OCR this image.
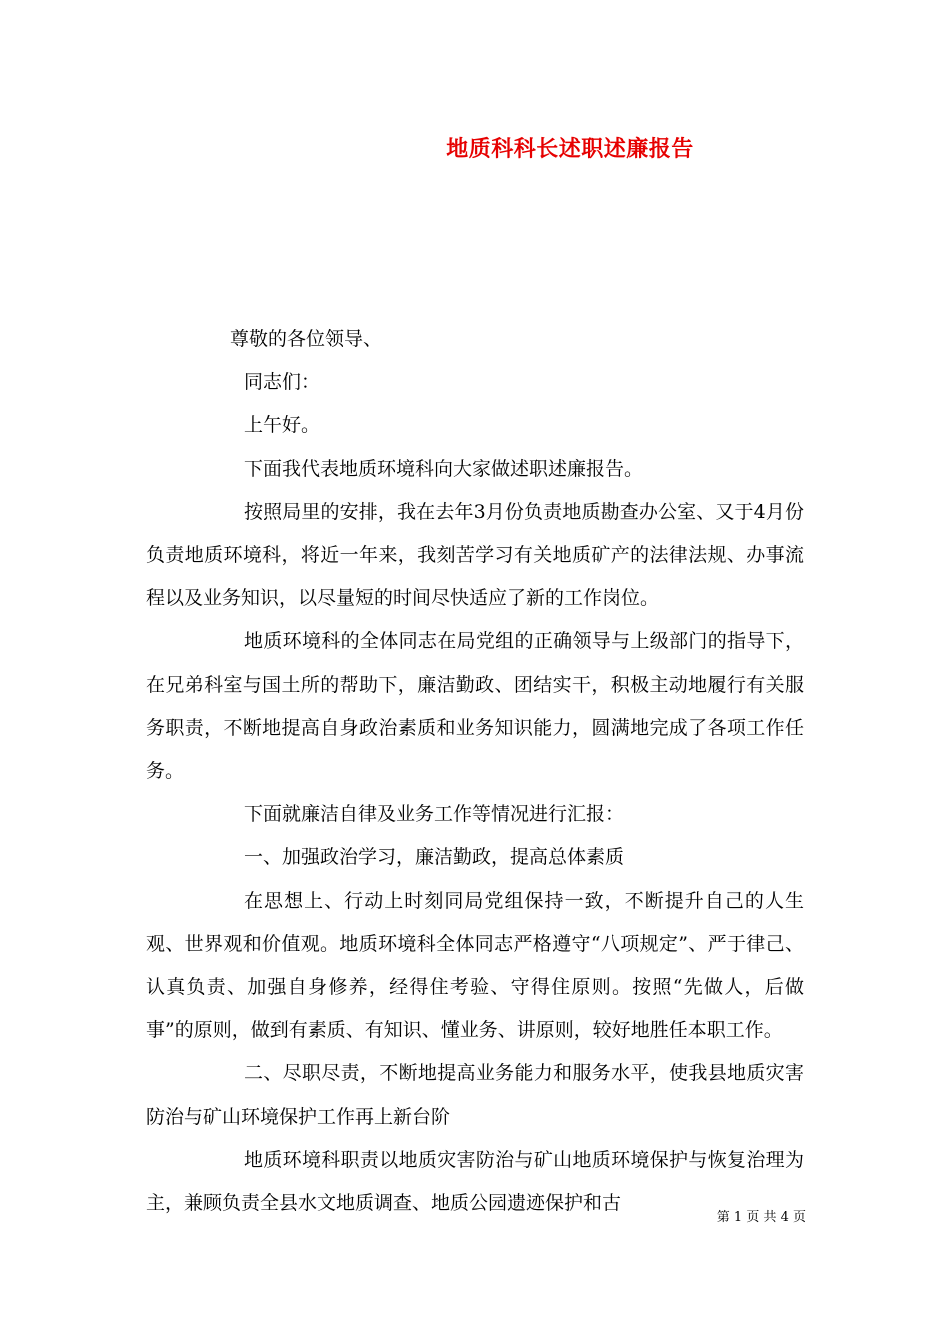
地质科科长述职述廉报告

尊敬的各位领导、

同志们：

上午好。

下面我代表地质环境科向大家做述职述廉报告。

按照局里的安排，我在去年3月份负责地质勘查办公室、又于4月份负责地质环境科，将近一年来，我刻苦学习有关地质矿产的法律法规、办事流程以及业务知识，以尽量短的时间尽快适应了新的工作岗位。

地质环境科的全体同志在局党组的正确领导与上级部门的指导下，在兄弟科室与国土所的帮助下，廉洁勤政、团结实干，积极主动地履行有关服务职责，不断地提高自身政治素质和业务知识能力，圆满地完成了各项工作任务。

下面就廉洁自律及业务工作等情况进行汇报：

一、加强政治学习，廉洁勤政，提高总体素质

在思想上、行动上时刻同局党组保持一致，不断提升自己的人生观、世界观和价值观。地质环境科全体同志严格遵守“八项规定”、严于律己、认真负责、加强自身修养，经得住考验、守得住原则。按照“先做人，后做事”的原则，做到有素质、有知识、懂业务、讲原则，较好地胜任本职工作。

二、尽职尽责，不断地提高业务能力和服务水平，使我县地质灾害防治与矿山环境保护工作再上新台阶

地质环境科职责以地质灾害防治与矿山地质环境保护与恢复治理为主，兼顾负责全县水文地质调查、地质公园遗迹保护和古

第 1 页 共 4 页
